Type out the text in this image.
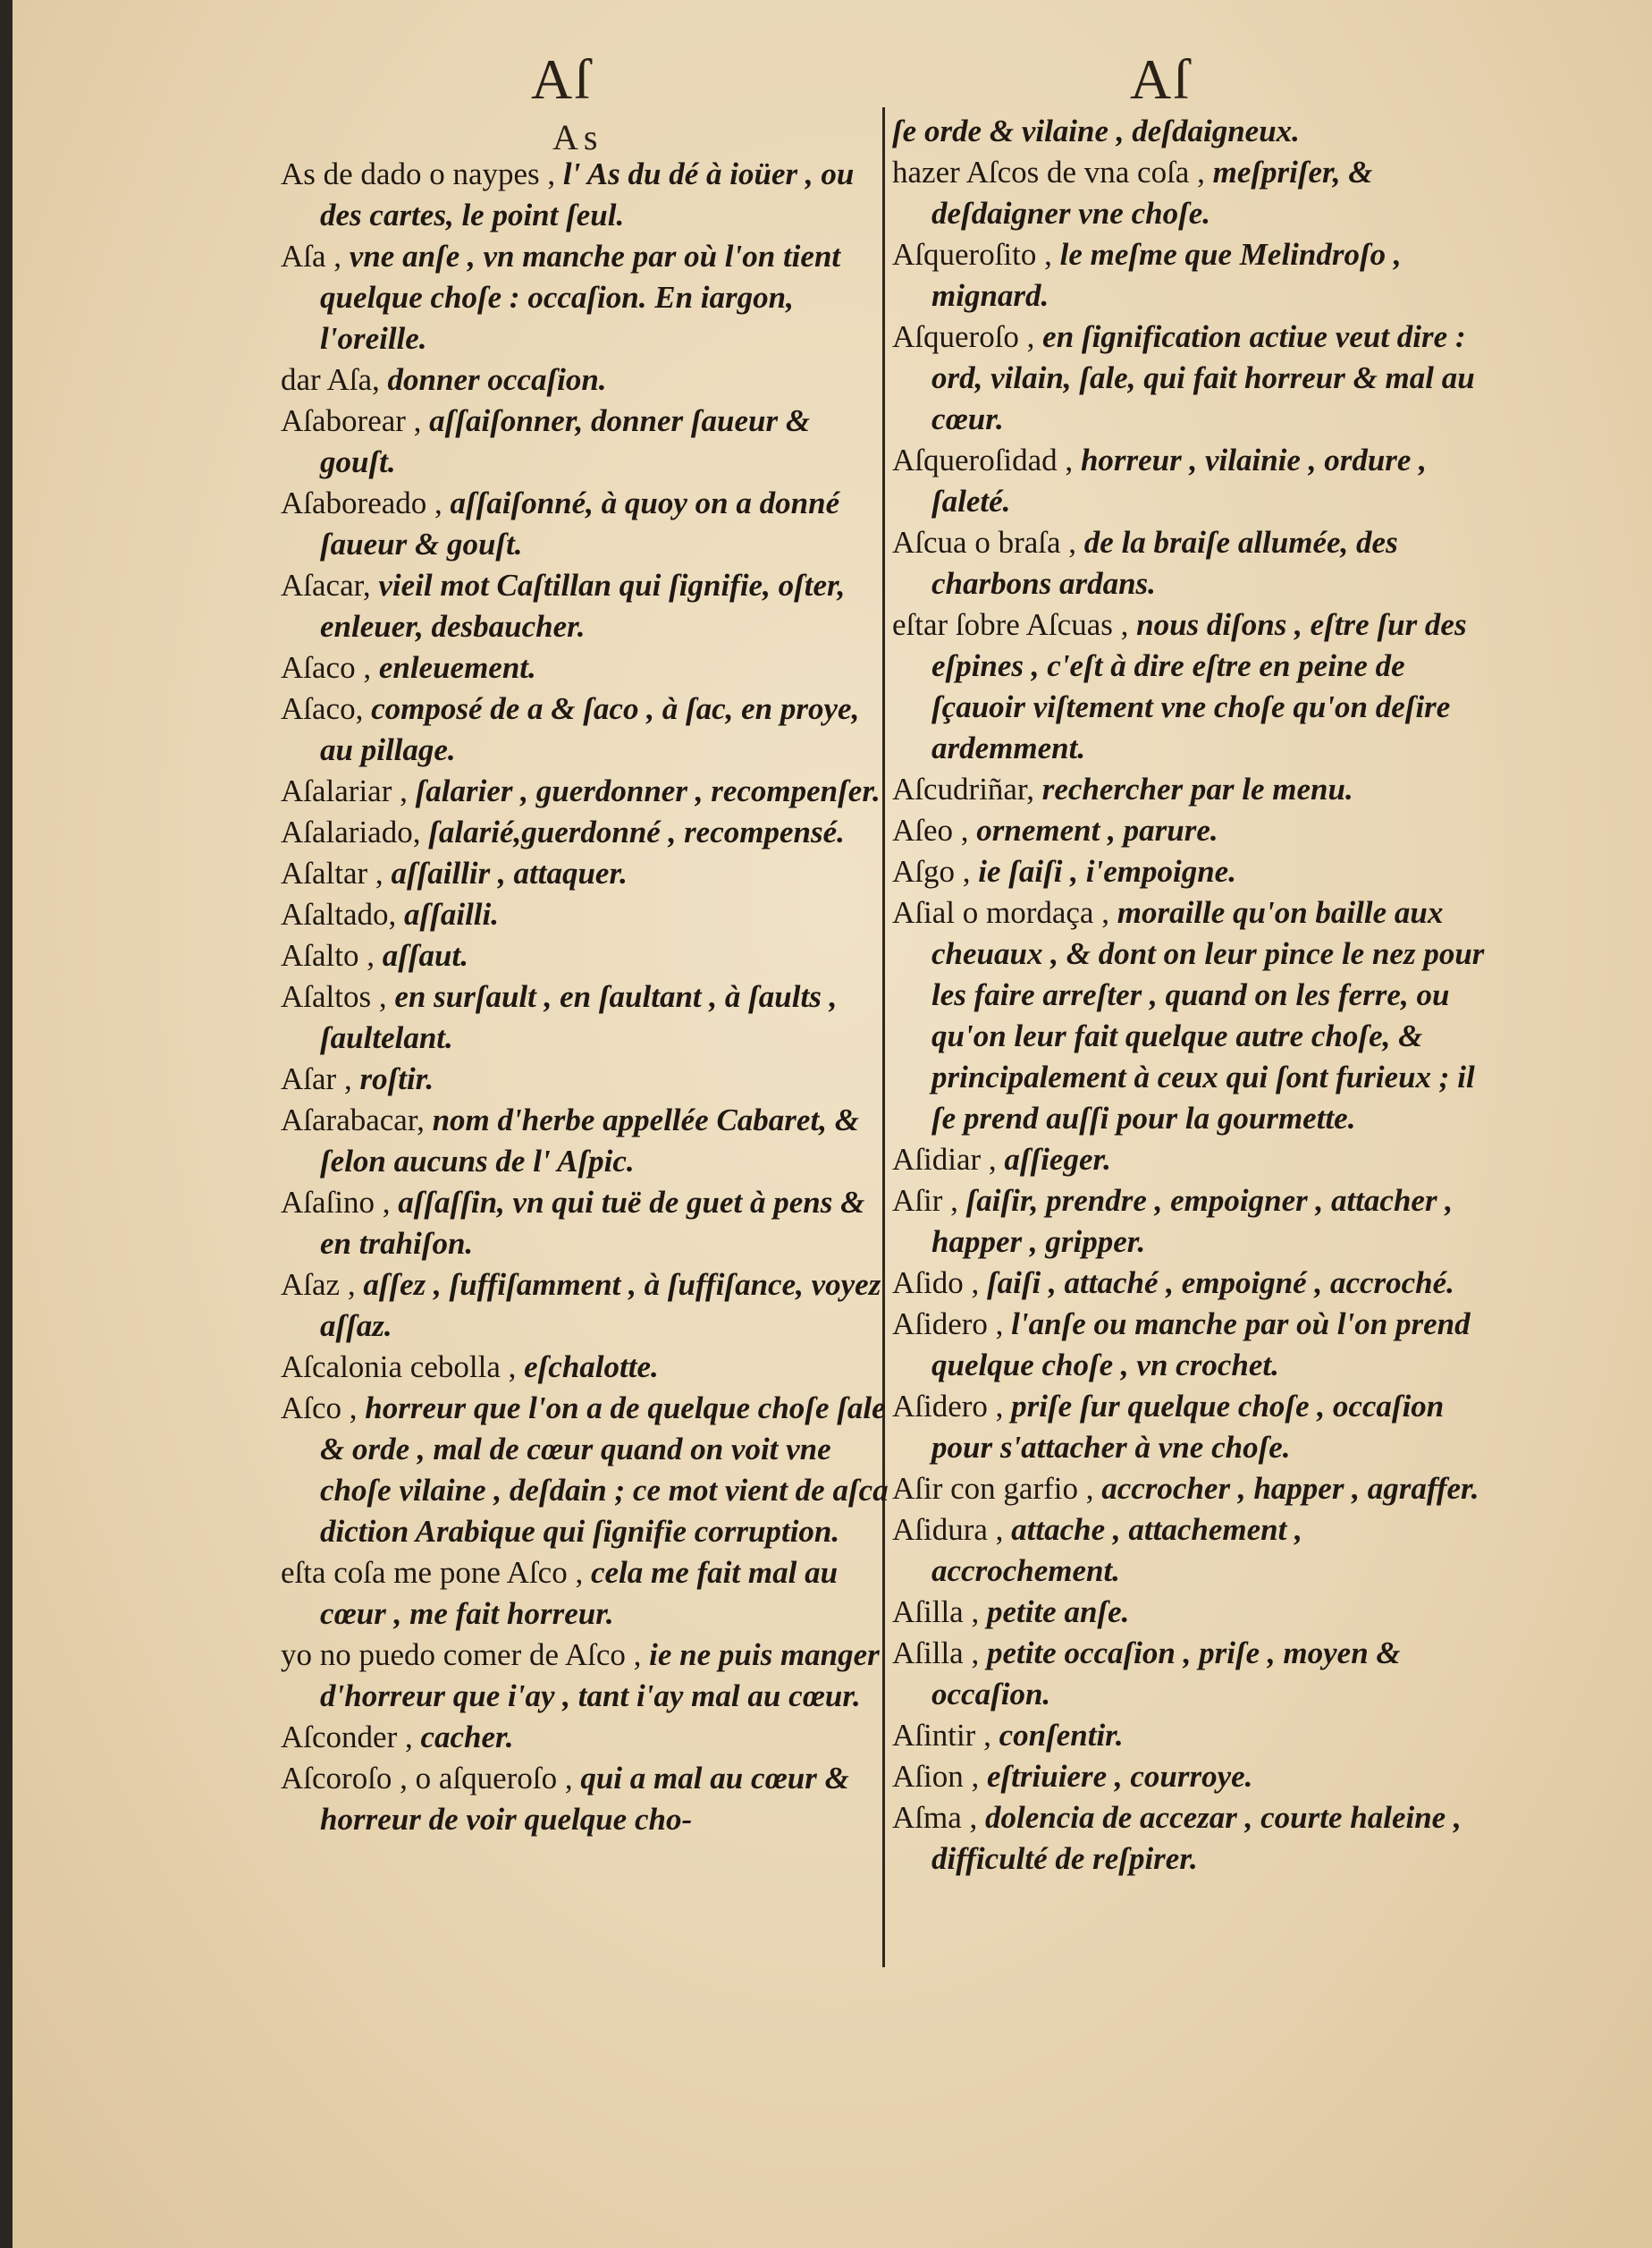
Aſ	Aſ
As

As de dado o naypes , l' As du dé à ioüer , ou des cartes, le point ſeul.

Aſa , vne anſe , vn manche par où l'on tient quelque choſe : occaſion. En iargon, l'oreille.

dar Aſa, donner occaſion.

Aſaborear , aſſaiſonner, donner ſaueur & gouſt.

Aſaboreado , aſſaiſonné, à quoy on a donné ſaueur & gouſt.

Aſacar, vieil mot Caſtillan qui ſignifie, oſter, enleuer, desbaucher.

Aſaco , enleuement.

Aſaco, composé de a & ſaco , à ſac, en proye, au pillage.

Aſalariar , ſalarier , guerdonner , recompenſer.

Aſalariado, ſalarié,guerdonné , recompensé.

Aſaltar , aſſaillir , attaquer.

Aſaltado, aſſailli.

Aſalto , aſſaut.

Aſaltos , en surſault , en ſaultant , à ſaults , ſaultelant.

Aſar , roſtir.

Aſarabacar, nom d'herbe appellée Cabaret, & ſelon aucuns de l' Aſpic.

Aſaſino , aſſaſſin, vn qui tuë de guet à pens & en trahiſon.

Aſaz , aſſez , ſuffiſamment , à ſuffiſance, voyez aſſaz.

Aſcalonia cebolla , eſchalotte.

Aſco , horreur que l'on a de quelque choſe ſale & orde , mal de cœur quand on voit vne choſe vilaine , deſdain ; ce mot vient de aſca diction Arabique qui ſignifie corruption.

eſta coſa me pone Aſco , cela me fait mal au cœur , me fait horreur.

yo no puedo comer de Aſco , ie ne puis manger d'horreur que i'ay , tant i'ay mal au cœur.

Aſconder , cacher.

Aſcoroſo , o aſqueroſo , qui a mal au cœur & horreur de voir quelque cho-

ſe orde & vilaine , deſdaigneux.

hazer Aſcos de vna coſa , meſpriſer, & deſdaigner vne choſe.

Aſqueroſito , le meſme que Melindroſo , mignard.

Aſqueroſo , en ſignification actiue veut dire : ord, vilain, ſale, qui fait horreur & mal au cœur.

Aſqueroſidad , horreur , vilainie , ordure , ſaleté.

Aſcua o braſa , de la braiſe allumée, des charbons ardans.

eſtar ſobre Aſcuas , nous diſons , eſtre ſur des eſpines , c'eſt à dire eſtre en peine de ſçauoir viſtement vne choſe qu'on deſire ardemment.

Aſcudriñar, rechercher par le menu.

Aſeo , ornement , parure.

Aſgo , ie ſaiſi , i'empoigne.

Aſial o mordaça , moraille qu'on baille aux cheuaux , & dont on leur pince le nez pour les faire arreſter , quand on les ferre, ou qu'on leur fait quelque autre choſe, & principalement à ceux qui ſont furieux ; il ſe prend auſſi pour la gourmette.

Aſidiar , aſſieger.

Aſir , ſaiſir, prendre , empoigner , attacher , happer , gripper.

Aſido , ſaiſi , attaché , empoigné , accroché.

Aſidero , l'anſe ou manche par où l'on prend quelque choſe , vn crochet.

Aſidero , priſe ſur quelque choſe , occaſion pour s'attacher à vne choſe.

Aſir con garfio , accrocher , happer , agraffer.

Aſidura , attache , attachement , accrochement.

Aſilla , petite anſe.

Aſilla , petite occaſion , priſe , moyen & occaſion.

Aſintir , conſentir.

Aſion , eſtriuiere , courroye.

Aſma , dolencia de accezar , courte haleine , difficulté de reſpirer.
